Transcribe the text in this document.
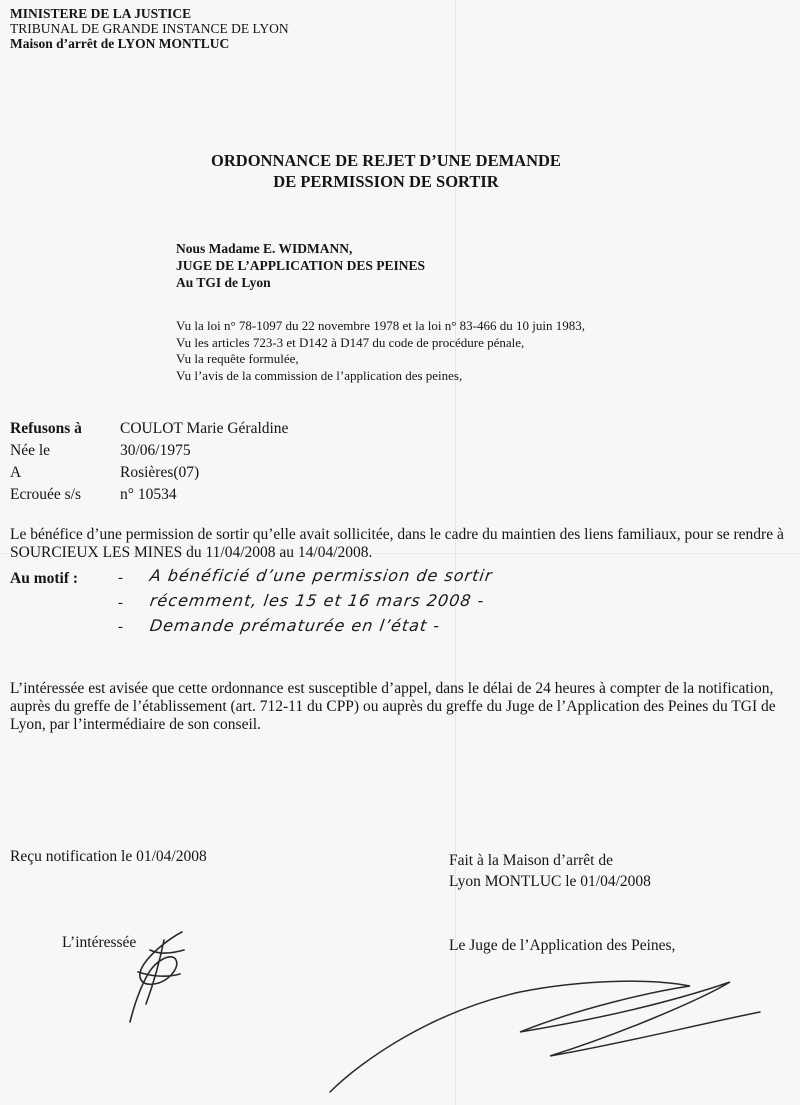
MINISTERE DE LA JUSTICE
TRIBUNAL DE GRANDE INSTANCE DE LYON
Maison d’arrêt de LYON MONTLUC
ORDONNANCE DE REJET D’UNE DEMANDE
DE PERMISSION DE SORTIR
Nous Madame E. WIDMANN,
JUGE DE L’APPLICATION DES PEINES
Au TGI de Lyon
Vu la loi n° 78-1097 du 22 novembre 1978 et la loi n° 83-466 du 10 juin 1983,
Vu les articles 723-3 et D142 à D147 du code de procédure pénale,
Vu la requête formulée,
Vu l’avis de la commission de l’application des peines,
Refusons à COULOT Marie Géraldine
Née le	30/06/1975
A	Rosières(07)
Ecrouée s/s	n° 10534
Le bénéfice d’une permission de sortir qu’elle avait sollicitée, dans le cadre du maintien des liens familiaux, pour se rendre à SOURCIEUX LES MINES du 11/04/2008 au 14/04/2008.
Au motif :	-
-
-
A bénéficié d’une permission de sortir
récemment, les 15 et 16 mars 2008 -
Demande prématurée en l’état -
L’intéressée est avisée que cette ordonnance est susceptible d’appel, dans le délai de 24 heures à compter de la notification, auprès du greffe de l’établissement (art. 712-11 du CPP) ou auprès du greffe du Juge de l’Application des Peines du TGI de Lyon, par l’intermédiaire de son conseil.
Reçu notification le 01/04/2008	Fait à la Maison d’arrêt de
Lyon MONTLUC le 01/04/2008
L’intéressée	Le Juge de l’Application des Peines,
